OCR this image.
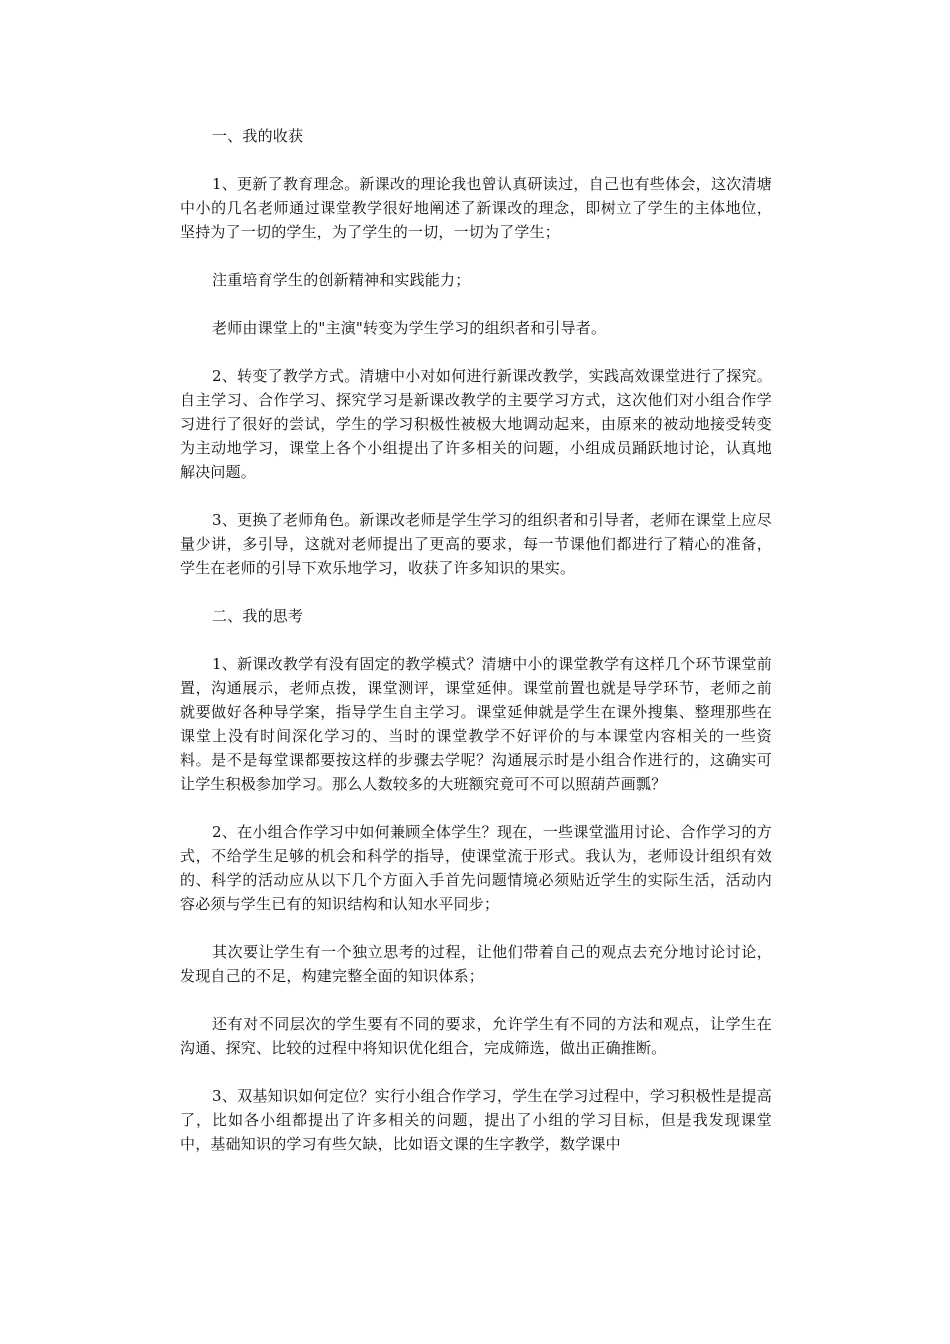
一、我的收获

1、更新了教育理念。新课改的理论我也曾认真研读过，自己也有些体会，这次清塘中小的几名老师通过课堂教学很好地阐述了新课改的理念，即树立了学生的主体地位，坚持为了一切的学生，为了学生的一切，一切为了学生；

注重培育学生的创新精神和实践能力；

老师由课堂上的"主演"转变为学生学习的组织者和引导者。

2、转变了教学方式。清塘中小对如何进行新课改教学，实践高效课堂进行了探究。自主学习、合作学习、探究学习是新课改教学的主要学习方式，这次他们对小组合作学习进行了很好的尝试，学生的学习积极性被极大地调动起来，由原来的被动地接受转变为主动地学习，课堂上各个小组提出了许多相关的问题，小组成员踊跃地讨论，认真地解决问题。

3、更换了老师角色。新课改老师是学生学习的组织者和引导者，老师在课堂上应尽量少讲，多引导，这就对老师提出了更高的要求，每一节课他们都进行了精心的准备，学生在老师的引导下欢乐地学习，收获了许多知识的果实。

二、我的思考

1、新课改教学有没有固定的教学模式？清塘中小的课堂教学有这样几个环节课堂前置，沟通展示，老师点拨，课堂测评，课堂延伸。课堂前置也就是导学环节，老师之前就要做好各种导学案，指导学生自主学习。课堂延伸就是学生在课外搜集、整理那些在课堂上没有时间深化学习的、当时的课堂教学不好评价的与本课堂内容相关的一些资料。是不是每堂课都要按这样的步骤去学呢？沟通展示时是小组合作进行的，这确实可让学生积极参加学习。那么人数较多的大班额究竟可不可以照葫芦画瓢？

2、在小组合作学习中如何兼顾全体学生？现在，一些课堂滥用讨论、合作学习的方式，不给学生足够的机会和科学的指导，使课堂流于形式。我认为，老师设计组织有效的、科学的活动应从以下几个方面入手首先问题情境必须贴近学生的实际生活，活动内容必须与学生已有的知识结构和认知水平同步；

其次要让学生有一个独立思考的过程，让他们带着自己的观点去充分地讨论讨论，发现自己的不足，构建完整全面的知识体系；

还有对不同层次的学生要有不同的要求，允许学生有不同的方法和观点，让学生在沟通、探究、比较的过程中将知识优化组合，完成筛选，做出正确推断。

3、双基知识如何定位？实行小组合作学习，学生在学习过程中，学习积极性是提高了，比如各小组都提出了许多相关的问题，提出了小组的学习目标，但是我发现课堂中，基础知识的学习有些欠缺，比如语文课的生字教学，数学课中
